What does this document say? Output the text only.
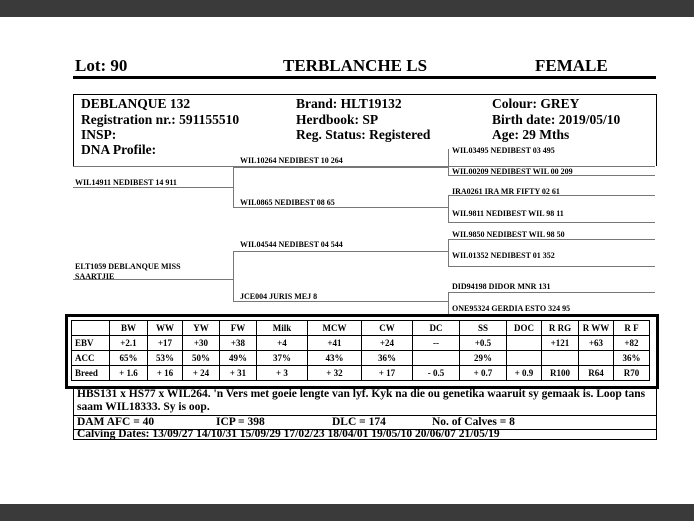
Lot: 90	TERBLANCHE LS	FEMALE
DEBLANQUE 132
Registration nr.: 591155510
INSP:
DNA Profile:
Brand: HLT19132
Herdbook: SP
Reg. Status: Registered
Colour: GREY
Birth date: 2019/05/10
Age: 29 Mths
WIL14911 NEDIBEST 14 911
ELT1059 DEBLANQUE MISS SAARTJIE
WIL10264 NEDIBEST 10 264
WIL0865 NEDIBEST 08 65
WIL04544 NEDIBEST 04 544
JCE004 JURIS MEJ 8
WIL03495 NEDIBEST 03 495
WIL00209 NEDIBEST WIL 00 209
IRA0261 IRA MR FIFTY 02 61
WIL9811 NEDIBEST WIL 98 11
WIL9850 NEDIBEST WIL 98 50
WIL01352 NEDIBEST 01 352
DID94198 DIDOR MNR 131
ONE95324 GERDIA ESTO 324 95
	BW	WW	YW	FW	Milk	MCW	CW	DC	SS	DOC	R RG	R WW	R F
EBV	+2.1	+17	+30	+38	+4	+41	+24	--	+0.5		+121	+63	+82
ACC	65%	53%	50%	49%	37%	43%	36%		29%				36%
Breed	+ 1.6	+ 16	+ 24	+ 31	+ 3	+ 32	+ 17	- 0.5	+ 0.7	+ 0.9	R100	R64	R70
HBS131 x HS77 x WIL264. 'n Vers met goeie lengte van lyf. Kyk na die ou genetika waaruit sy gemaak is. Loop tans
saam WIL18333. Sy is oop.
DAM AFC = 40	ICP = 398	DLC = 174	No. of Calves = 8
Calving Dates: 13/09/27 14/10/31 15/09/29 17/02/23 18/04/01 19/05/10 20/06/07 21/05/19
